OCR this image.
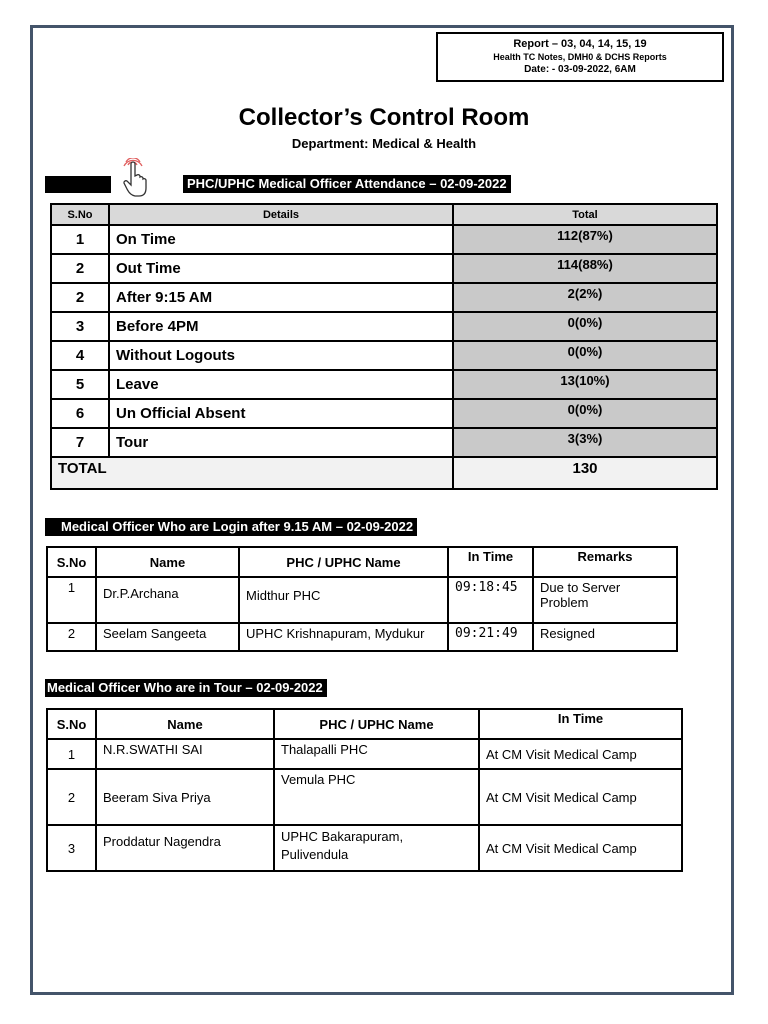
Report – 03, 04, 14, 15, 19
Health TC Notes, DMH0 & DCHS Reports
Date: - 03-09-2022, 6AM
Collector’s Control Room
Department: Medical & Health
PHC/UPHC Medical Officer Attendance – 02-09-2022
S.No	Details	Total
1	On Time	112(87%)
2	Out Time	114(88%)
2	After 9:15 AM	2(2%)
3	Before 4PM	0(0%)
4	Without Logouts	0(0%)
5	Leave	13(10%)
6	Un Official Absent	0(0%)
7	Tour	3(3%)
TOTAL		130
Medical Officer Who are Login after 9.15 AM – 02-09-2022
S.No	Name	PHC / UPHC Name	In Time	Remarks
1	Dr.P.Archana	Midthur PHC	09:18:45	Due to Server Problem
2	Seelam Sangeeta	UPHC Krishnapuram, Mydukur	09:21:49	Resigned
Medical Officer Who are in Tour – 02-09-2022
S.No	Name	PHC / UPHC Name	In Time
1	N.R.SWATHI SAI	Thalapalli PHC	At CM Visit Medical Camp
2	Beeram Siva Priya	Vemula PHC	At CM Visit Medical Camp
3	Proddatur Nagendra	UPHC Bakarapuram, Pulivendula	At CM Visit Medical Camp
